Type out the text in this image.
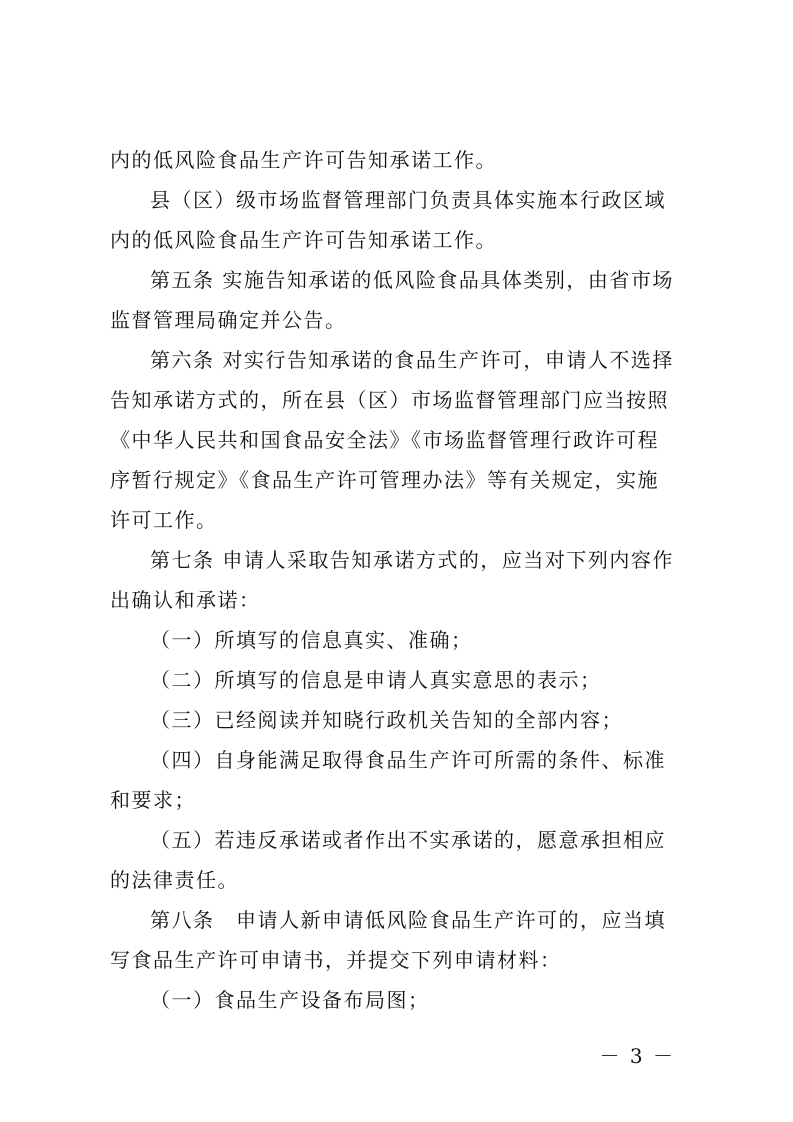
内的低风险食品生产许可告知承诺工作。
县（区）级市场监督管理部门负责具体实施本行政区域
内的低风险食品生产许可告知承诺工作。
第五条 实施告知承诺的低风险食品具体类别，由省市场
监督管理局确定并公告。
第六条 对实行告知承诺的食品生产许可，申请人不选择
告知承诺方式的，所在县（区）市场监督管理部门应当按照
《中华人民共和国食品安全法》《市场监督管理行政许可程
序暂行规定》《食品生产许可管理办法》等有关规定，实施
许可工作。
第七条 申请人采取告知承诺方式的，应当对下列内容作
出确认和承诺：
（一）所填写的信息真实、准确；
（二）所填写的信息是申请人真实意思的表示；
（三）已经阅读并知晓行政机关告知的全部内容；
（四）自身能满足取得食品生产许可所需的条件、标准
和要求；
（五）若违反承诺或者作出不实承诺的，愿意承担相应
的法律责任。
第八条　申请人新申请低风险食品生产许可的，应当填
写食品生产许可申请书，并提交下列申请材料：
（一）食品生产设备布局图；
－ 3 －
